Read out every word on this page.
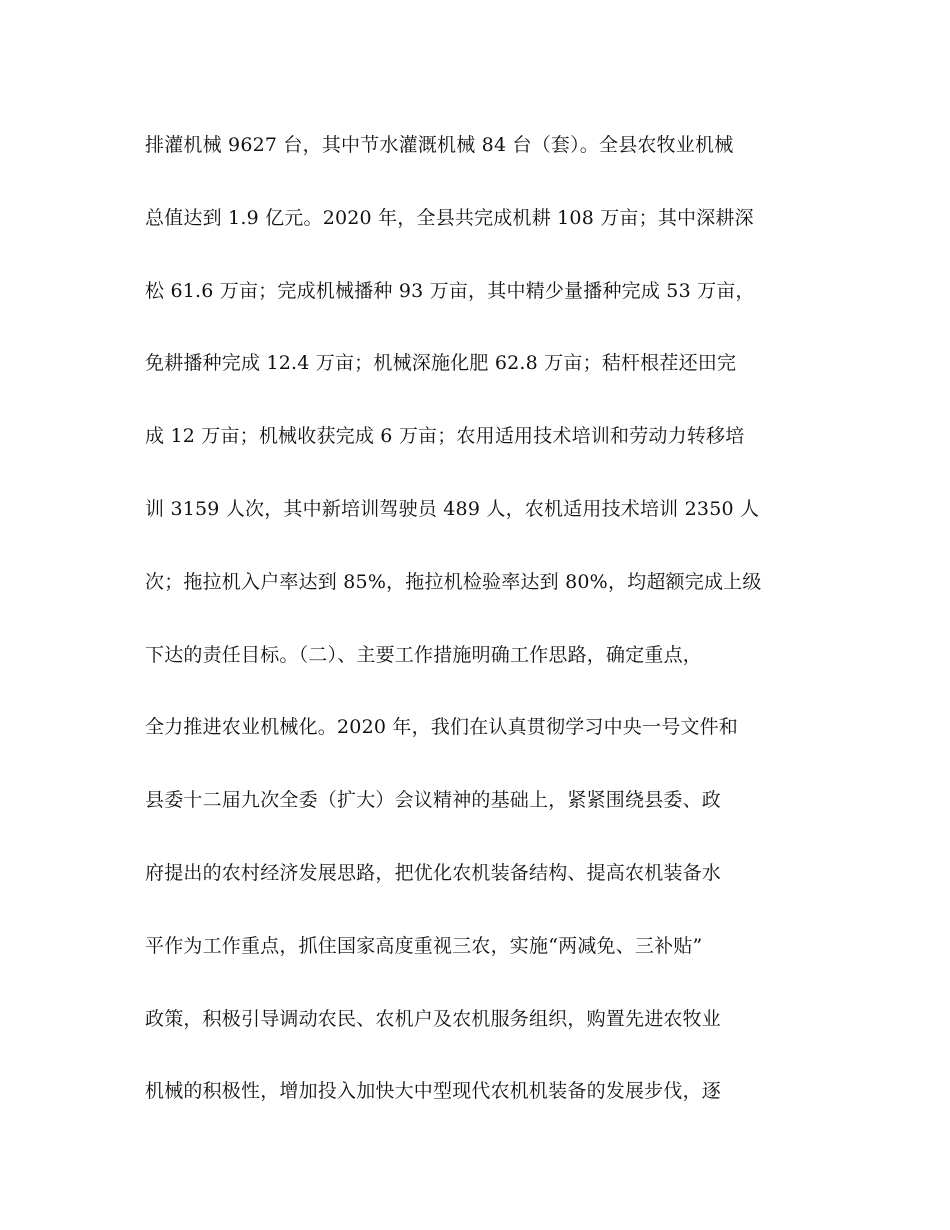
排灌机械 9627 台，其中节水灌溉机械 84 台（套）。全县农牧业机械
总值达到 1.9 亿元。2020 年，全县共完成机耕 108 万亩；其中深耕深
松 61.6 万亩；完成机械播种 93 万亩，其中精少量播种完成 53 万亩，
免耕播种完成 12.4 万亩；机械深施化肥 62.8 万亩；秸杆根茬还田完
成 12 万亩；机械收获完成 6 万亩；农用适用技术培训和劳动力转移培
训 3159 人次，其中新培训驾驶员 489 人，农机适用技术培训 2350 人
次；拖拉机入户率达到 85%，拖拉机检验率达到 80%，均超额完成上级
下达的责任目标。（二）、主要工作措施明确工作思路，确定重点，
全力推进农业机械化。2020 年，我们在认真贯彻学习中央一号文件和
县委十二届九次全委（扩大）会议精神的基础上，紧紧围绕县委、政
府提出的农村经济发展思路，把优化农机装备结构、提高农机装备水
平作为工作重点，抓住国家高度重视三农，实施“两减免、三补贴”
政策，积极引导调动农民、农机户及农机服务组织，购置先进农牧业
机械的积极性，增加投入加快大中型现代农机机装备的发展步伐，逐
